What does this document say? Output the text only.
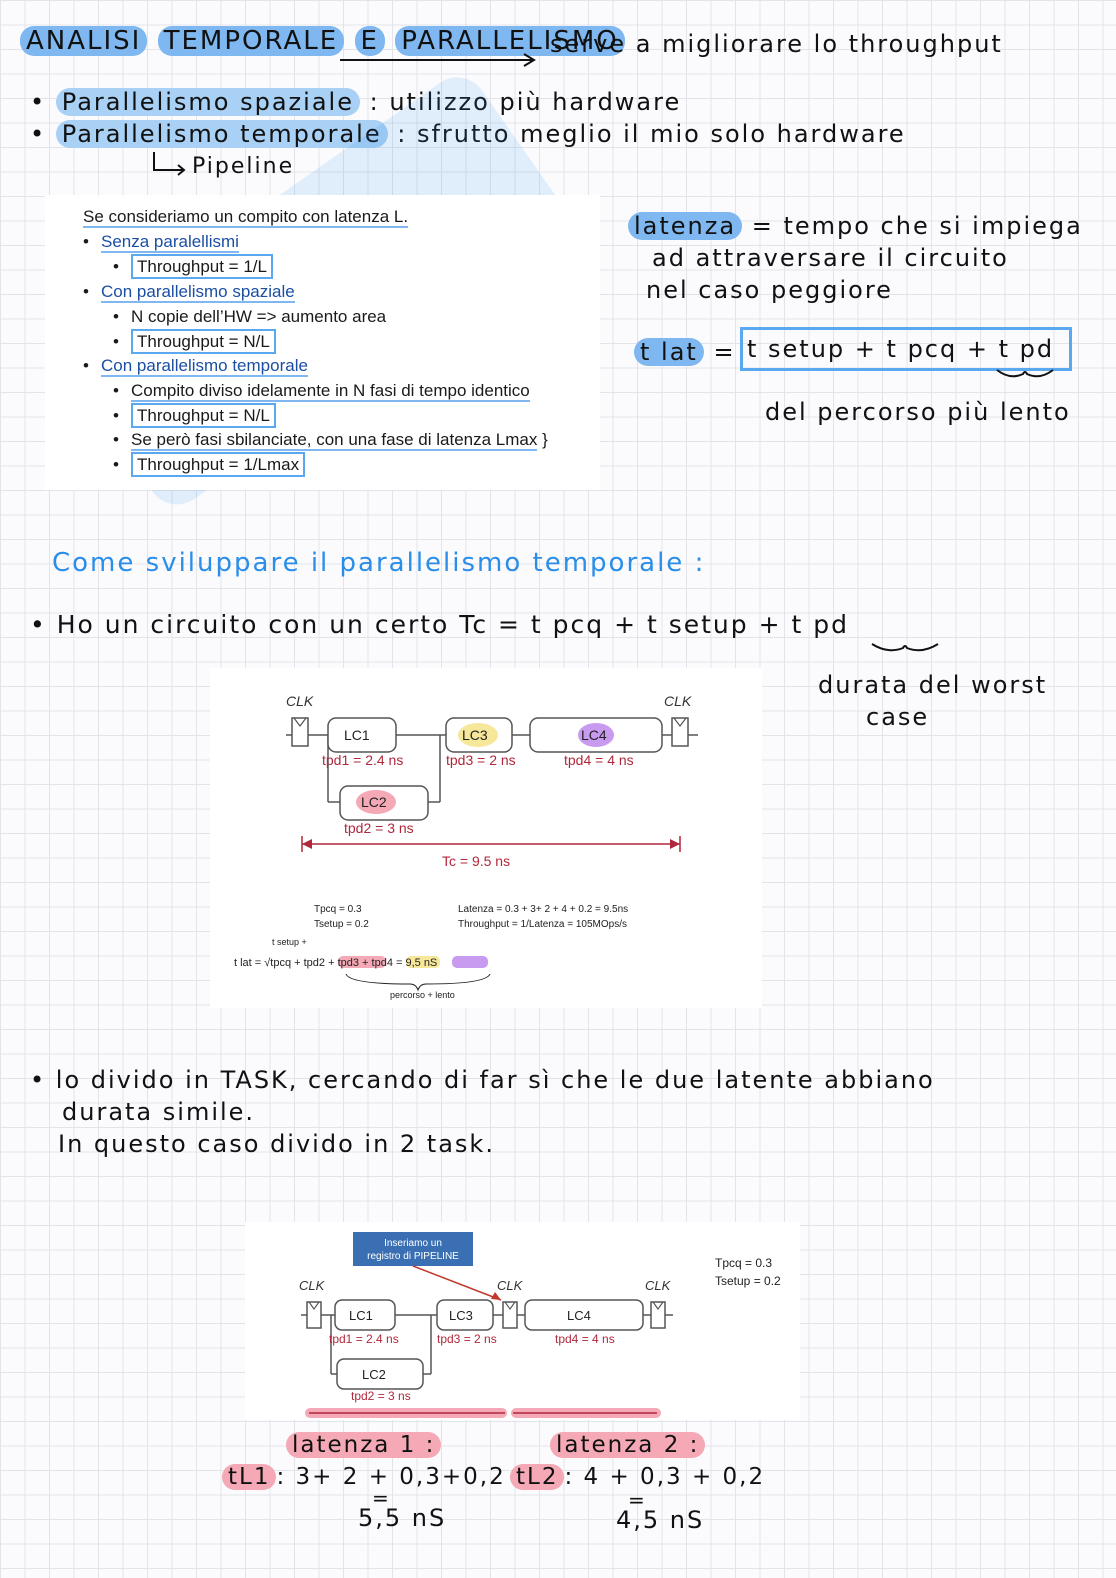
ANALISI TEMPORALE E PARALLELISMO
serve a migliorare lo throughput
• Parallelismo spaziale : utilizzo più hardware
• Parallelismo temporale : sfrutto meglio il mio solo hardware
Pipeline
Se consideriamo un compito con latenza L.
• Senza paralellismi
• Throughput = 1/L
• Con parallelismo spaziale
• N copie dell’HW => aumento area
• Throughput = N/L
• Con parallelismo temporale
• Compito diviso idelamente in N fasi di tempo identico
• Throughput = N/L
• Se però fasi sbilanciate, con una fase di latenza Lmax }
• Throughput = 1/Lmax
latenza = tempo che si impiega
ad attraversare il circuito
nel caso peggiore
t lat = t setup + t pcq + t pd
del percorso più lento
Come sviluppare il parallelismo temporale :
• Ho un circuito con un certo Tc = t pcq + t setup + t pd
durata del worst
case
CLK	CLK
LC1	LC3	LC4
LC2
tpd1 = 2.4 ns	tpd3 = 2 ns	tpd4 = 4 ns
tpd2 = 3 ns
Tc = 9.5 ns
Tpcq = 0.3
Tsetup = 0.2
Latenza = 0.3 + 3+ 2 + 4 + 0.2 = 9.5ns
Throughput = 1/Latenza = 105MOps/s
t setup +
t lat = √tpcq + tpd2 + tpd3 + tpd4 = 9,5 nS
percorso + lento
• lo divido in TASK, cercando di far sì che le due latente abbiano
durata simile.
In questo caso divido in 2 task.
Inseriamo un registro di PIPELINE	Tpcq = 0.3
Tsetup = 0.2
CLK	CLK	CLK
LC1	LC3	LC4
LC2
tpd1 = 2.4 ns	tpd3 = 2 ns	tpd4 = 4 ns
tpd2 = 3 ns
latenza 1 :
tL1 : 3+ 2 + 0,3+0,2
=
5,5 nS
latenza 2 :
tL2 : 4 + 0,3 + 0,2
=
4,5 nS
